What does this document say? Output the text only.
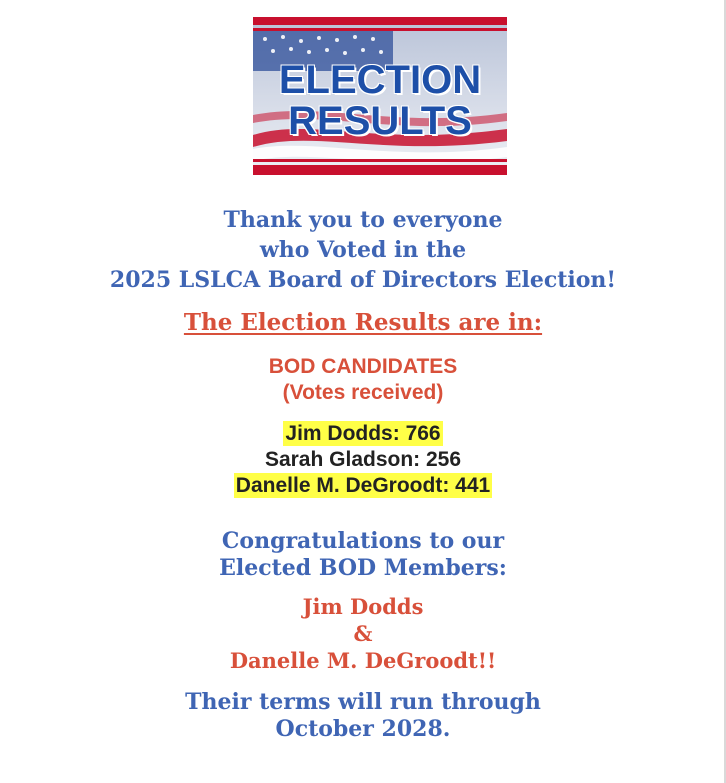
ELECTION
RESULTS
Thank you to everyone
who Voted in the
2025 LSLCA Board of Directors Election!
The Election Results are in:
BOD CANDIDATES
(Votes received)
Jim Dodds: 766
Sarah Gladson: 256
Danelle M. DeGroodt: 441
Congratulations to our
Elected BOD Members:
Jim Dodds
&
Danelle M. DeGroodt!!
Their terms will run through
October 2028.
